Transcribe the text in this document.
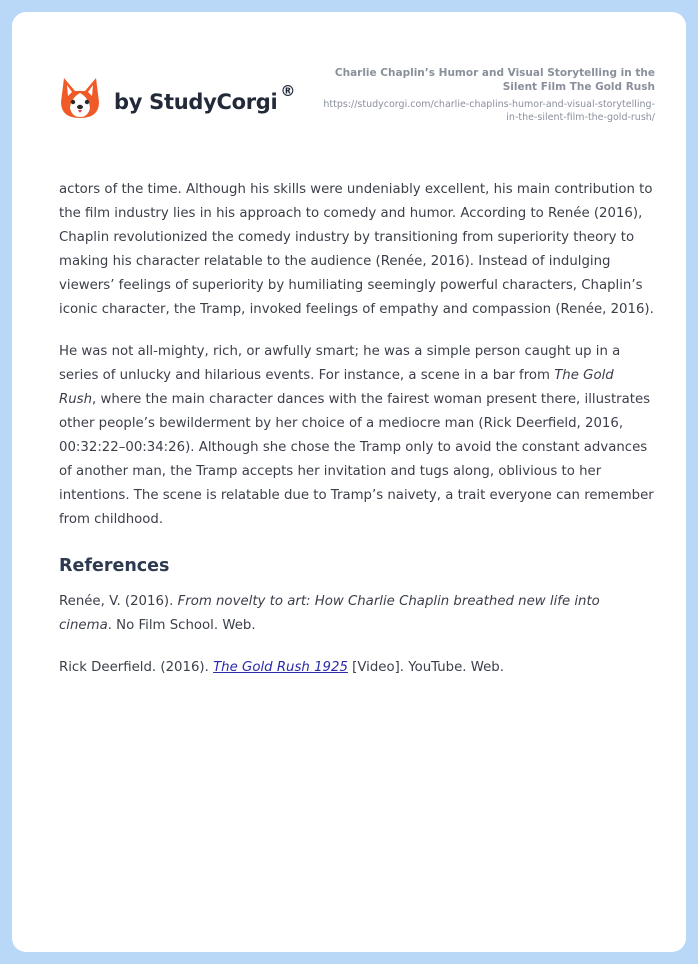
by StudyCorgi ®
Charlie Chaplin’s Humor and Visual Storytelling in the Silent Film The Gold Rush
https://studycorgi.com/charlie-chaplins-humor-and-visual-storytelling-in-the-silent-film-the-gold-rush/

actors of the time. Although his skills were undeniably excellent, his main contribution to the film industry lies in his approach to comedy and humor. According to Renée (2016), Chaplin revolutionized the comedy industry by transitioning from superiority theory to making his character relatable to the audience (Renée, 2016). Instead of indulging viewers’ feelings of superiority by humiliating seemingly powerful characters, Chaplin’s iconic character, the Tramp, invoked feelings of empathy and compassion (Renée, 2016).

He was not all-mighty, rich, or awfully smart; he was a simple person caught up in a series of unlucky and hilarious events. For instance, a scene in a bar from The Gold Rush, where the main character dances with the fairest woman present there, illustrates other people’s bewilderment by her choice of a mediocre man (Rick Deerfield, 2016, 00:32:22–00:34:26). Although she chose the Tramp only to avoid the constant advances of another man, the Tramp accepts her invitation and tugs along, oblivious to her intentions. The scene is relatable due to Tramp’s naivety, a trait everyone can remember from childhood.

References

Renée, V. (2016). From novelty to art: How Charlie Chaplin breathed new life into cinema. No Film School. Web.

Rick Deerfield. (2016). The Gold Rush 1925 [Video]. YouTube. Web.
